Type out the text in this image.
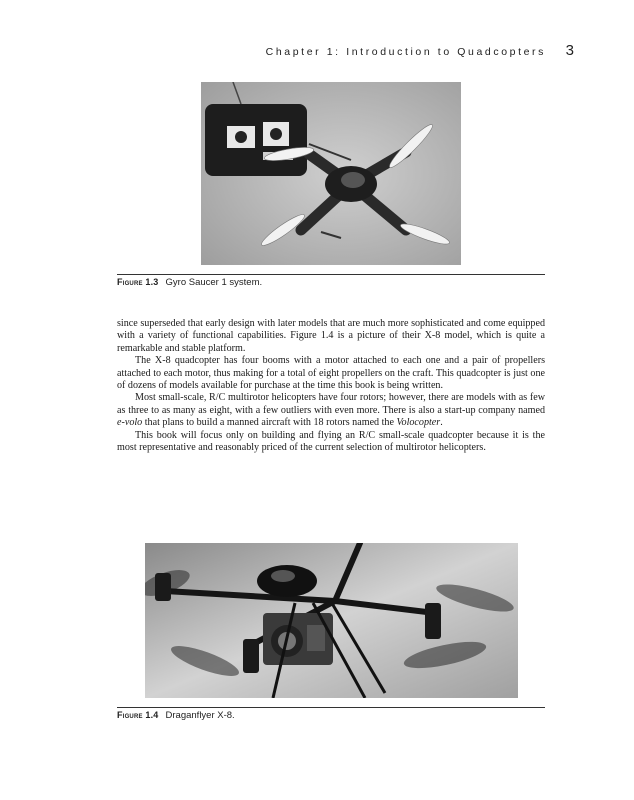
Chapter 1: Introduction to Quadcopters 3
Figure 1.3 Gyro Saucer 1 system.

since superseded that early design with later models that are much more sophisticated and come equipped with a variety of functional capabilities. Figure 1.4 is a picture of their X-8 model, which is quite a remarkable and stable platform.

The X-8 quadcopter has four booms with a motor attached to each one and a pair of propellers attached to each motor, thus making for a total of eight propellers on the craft. This quadcopter is just one of dozens of models available for purchase at the time this book is being written.

Most small-scale, R/C multirotor helicopters have four rotors; however, there are models with as few as three to as many as eight, with a few outliers with even more. There is also a start-up company named e-volo that plans to build a manned aircraft with 18 rotors named the Volocopter.

This book will focus only on building and flying an R/C small-scale quadcopter because it is the most representative and reasonably priced of the current selection of multirotor helicopters.

Figure 1.4 Draganflyer X-8.
